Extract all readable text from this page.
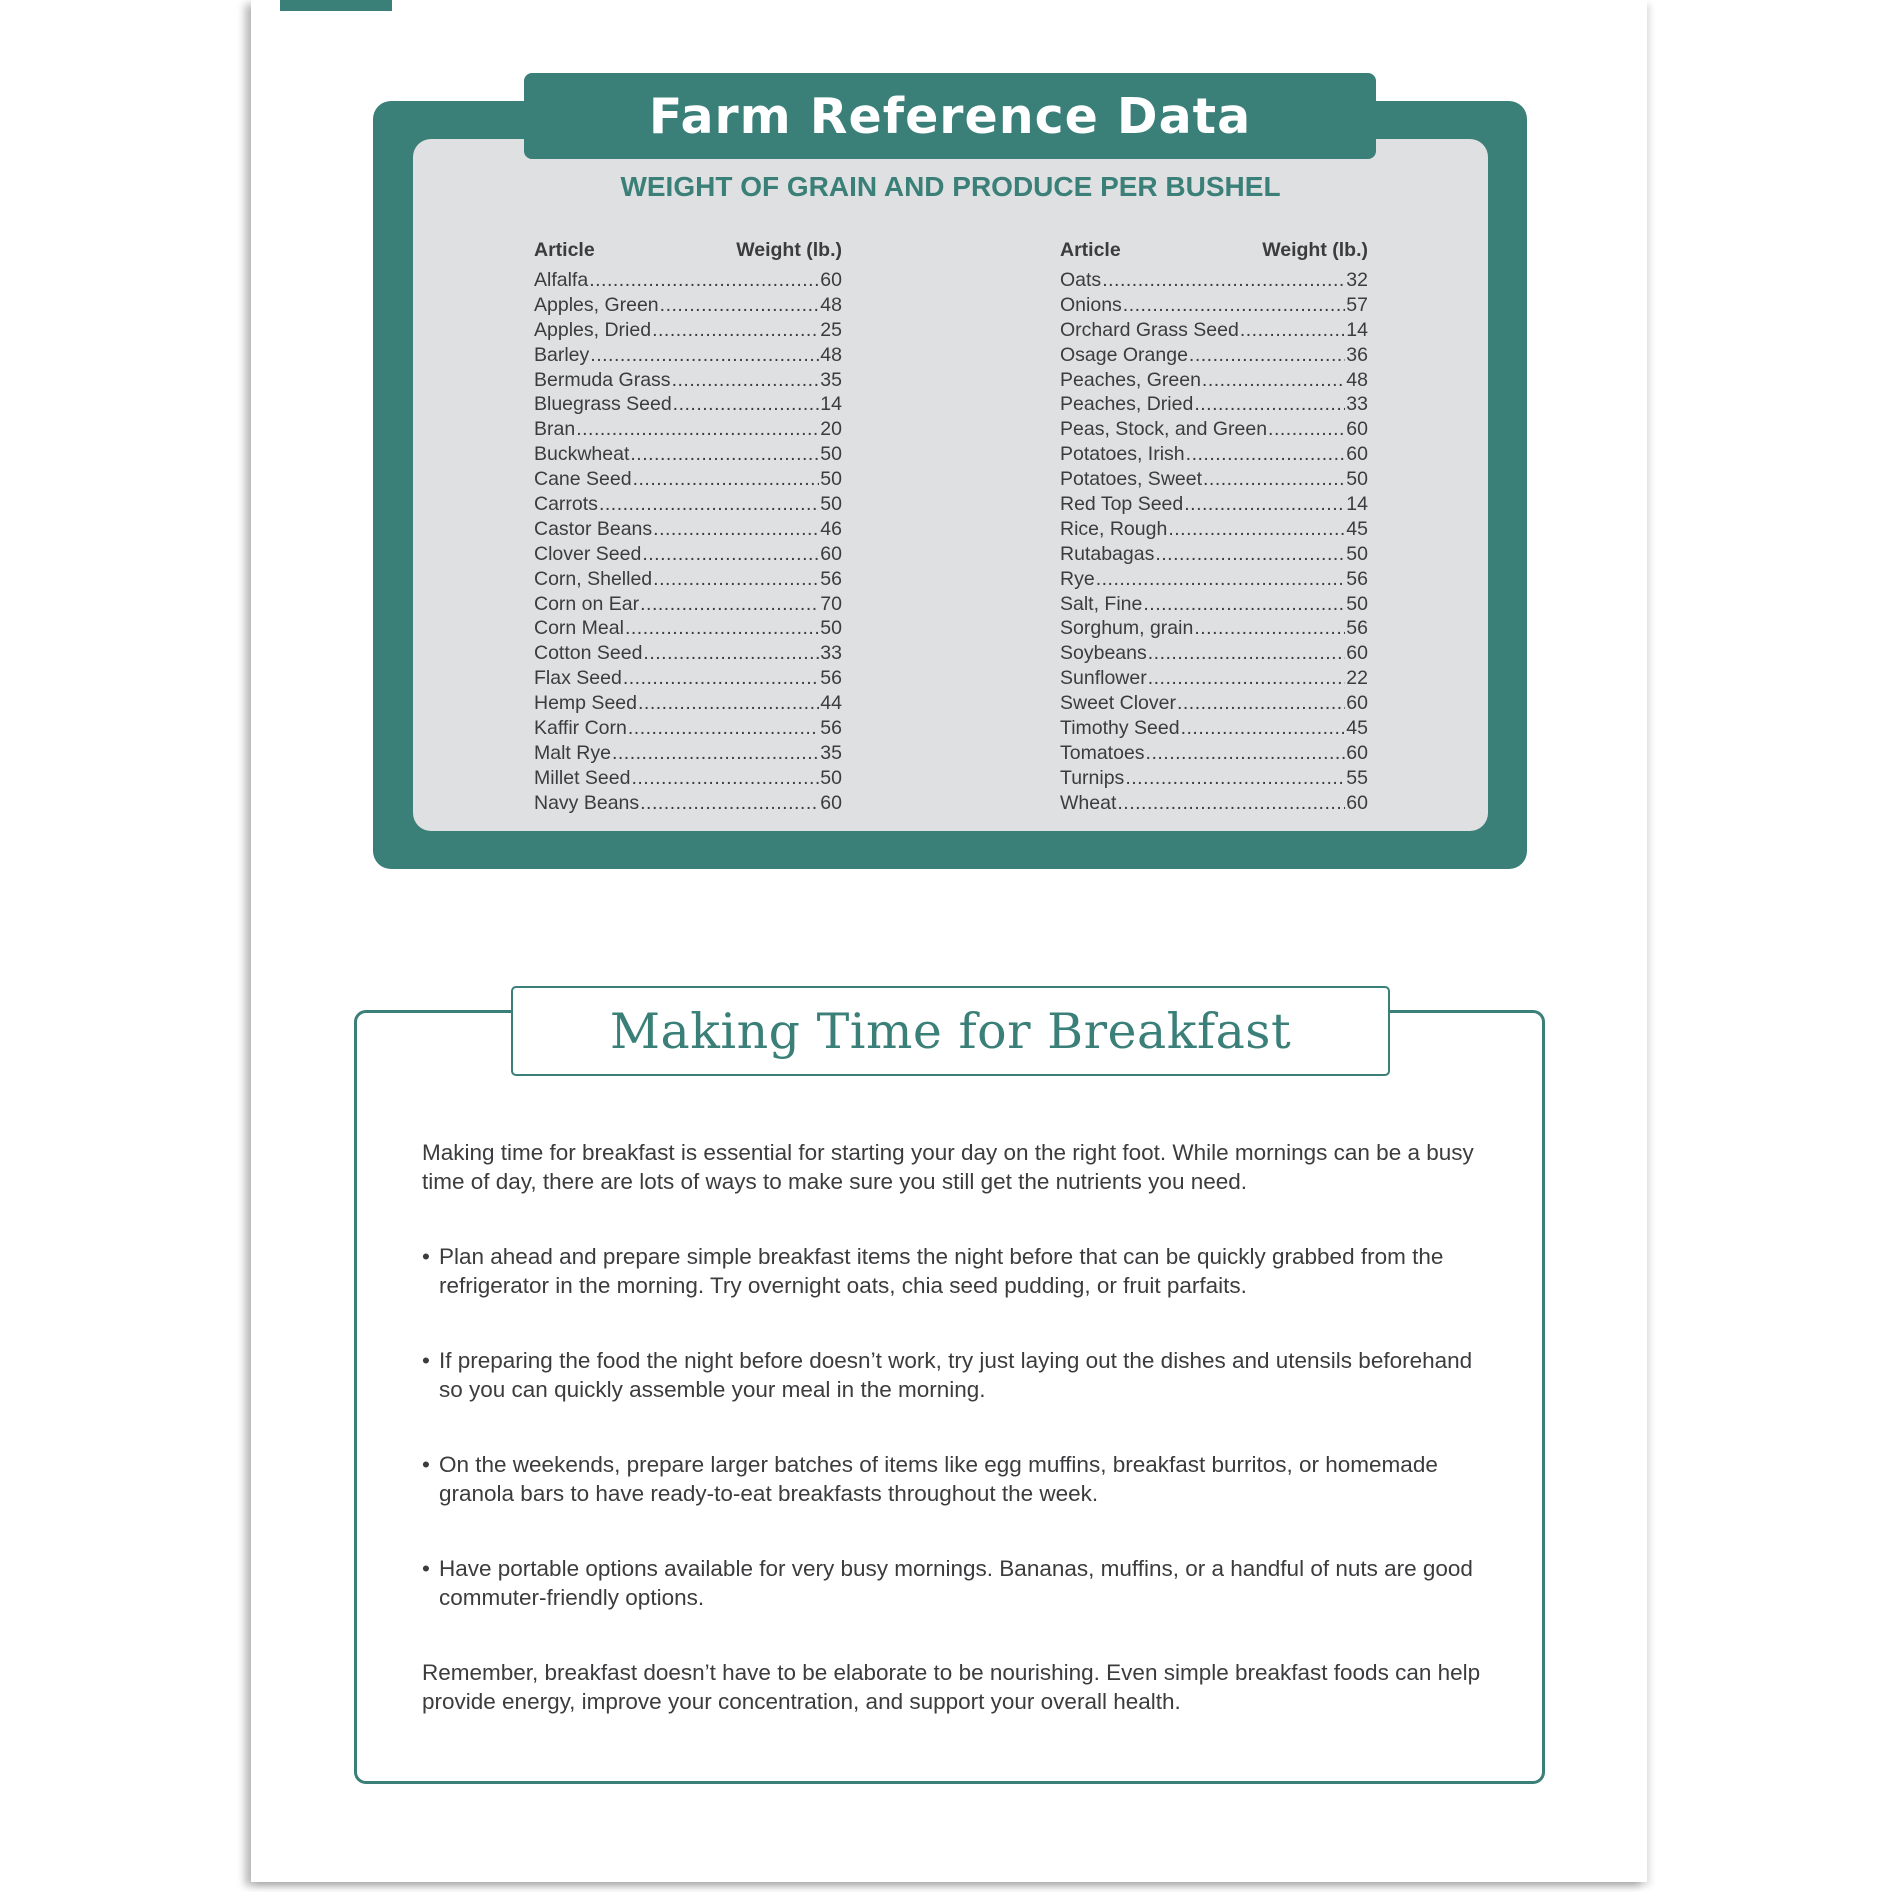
Farm Reference Data
WEIGHT OF GRAIN AND PRODUCE PER BUSHEL
Article	Weight (lb.)
Alfalfa .....	60
Apples, Green .....	48
Apples, Dried .....	25
Barley .....	48
Bermuda Grass .....	35
Bluegrass Seed .....	14
Bran .....	20
Buckwheat .....	50
Cane Seed .....	50
Carrots .....	50
Castor Beans .....	46
Clover Seed .....	60
Corn, Shelled .....	56
Corn on Ear .....	70
Corn Meal .....	50
Cotton Seed .....	33
Flax Seed .....	56
Hemp Seed .....	44
Kaffir Corn .....	56
Malt Rye .....	35
Millet Seed .....	50
Navy Beans .....	60
Article	Weight (lb.)
Oats .....	32
Onions .....	57
Orchard Grass Seed .....	14
Osage Orange .....	36
Peaches, Green .....	48
Peaches, Dried .....	33
Peas, Stock, and Green .....	60
Potatoes, Irish .....	60
Potatoes, Sweet .....	50
Red Top Seed .....	14
Rice, Rough .....	45
Rutabagas .....	50
Rye .....	56
Salt, Fine .....	50
Sorghum, grain .....	56
Soybeans .....	60
Sunflower .....	22
Sweet Clover .....	60
Timothy Seed .....	45
Tomatoes .....	60
Turnips .....	55
Wheat .....	60
Making Time for Breakfast

Making time for breakfast is essential for starting your day on the right foot. While mornings can be a busy time of day, there are lots of ways to make sure you still get the nutrients you need.

• Plan ahead and prepare simple breakfast items the night before that can be quickly grabbed from the refrigerator in the morning. Try overnight oats, chia seed pudding, or fruit parfaits.
• If preparing the food the night before doesn’t work, try just laying out the dishes and utensils beforehand so you can quickly assemble your meal in the morning.
• On the weekends, prepare larger batches of items like egg muffins, breakfast burritos, or homemade granola bars to have ready-to-eat breakfasts throughout the week.
• Have portable options available for very busy mornings. Bananas, muffins, or a handful of nuts are good commuter-friendly options.

Remember, breakfast doesn’t have to be elaborate to be nourishing. Even simple breakfast foods can help provide energy, improve your concentration, and support your overall health.
